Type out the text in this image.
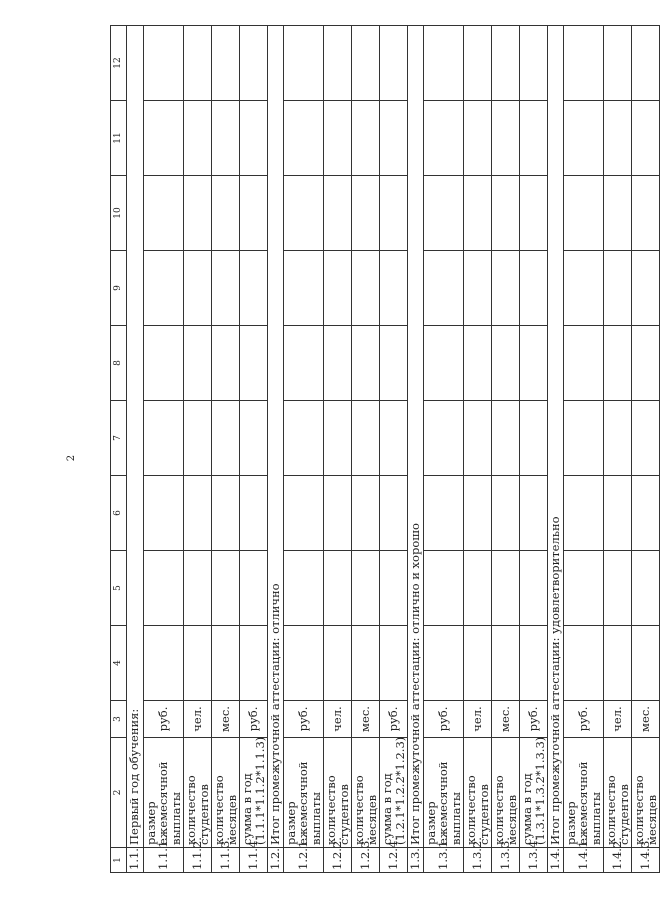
2
1	2	3	4	5	6	7	8	9	10	11	12
1.1.	Первый год обучения:										
1.1.1.	размер ежемесячной выплаты	руб.									
1.1.2.	количество студентов	чел.									
1.1.3.	количество месяцев	мес.									
1.1.4.	сумма в год (1.1.1*1.1.2*1.1.3)	руб.									
1.2.	Итог промежуточной аттестации: отлично										
1.2.1.	размер ежемесячной выплаты	руб.									
1.2.2.	количество студентов	чел.									
1.2.3.	количество месяцев	мес.									
1.2.4.	сумма в год (1.2.1*1.2.2*1.2.3)	руб.									
1.3.	Итог промежуточной аттестации: отлично и хорошо										
1.3.1.	размер ежемесячной выплаты	руб.									
1.3.2.	количество студентов	чел.									
1.3.3.	количество месяцев	мес.									
1.3.4.	сумма в год (1.3.1*1.3.2*1.3.3)	руб.									
1.4.	Итог промежуточной аттестации: удовлетворительно										
1.4.1.	размер ежемесячной выплаты	руб.									
1.4.2.	количество студентов	чел.									
1.4.3.	количество месяцев	мес.									
